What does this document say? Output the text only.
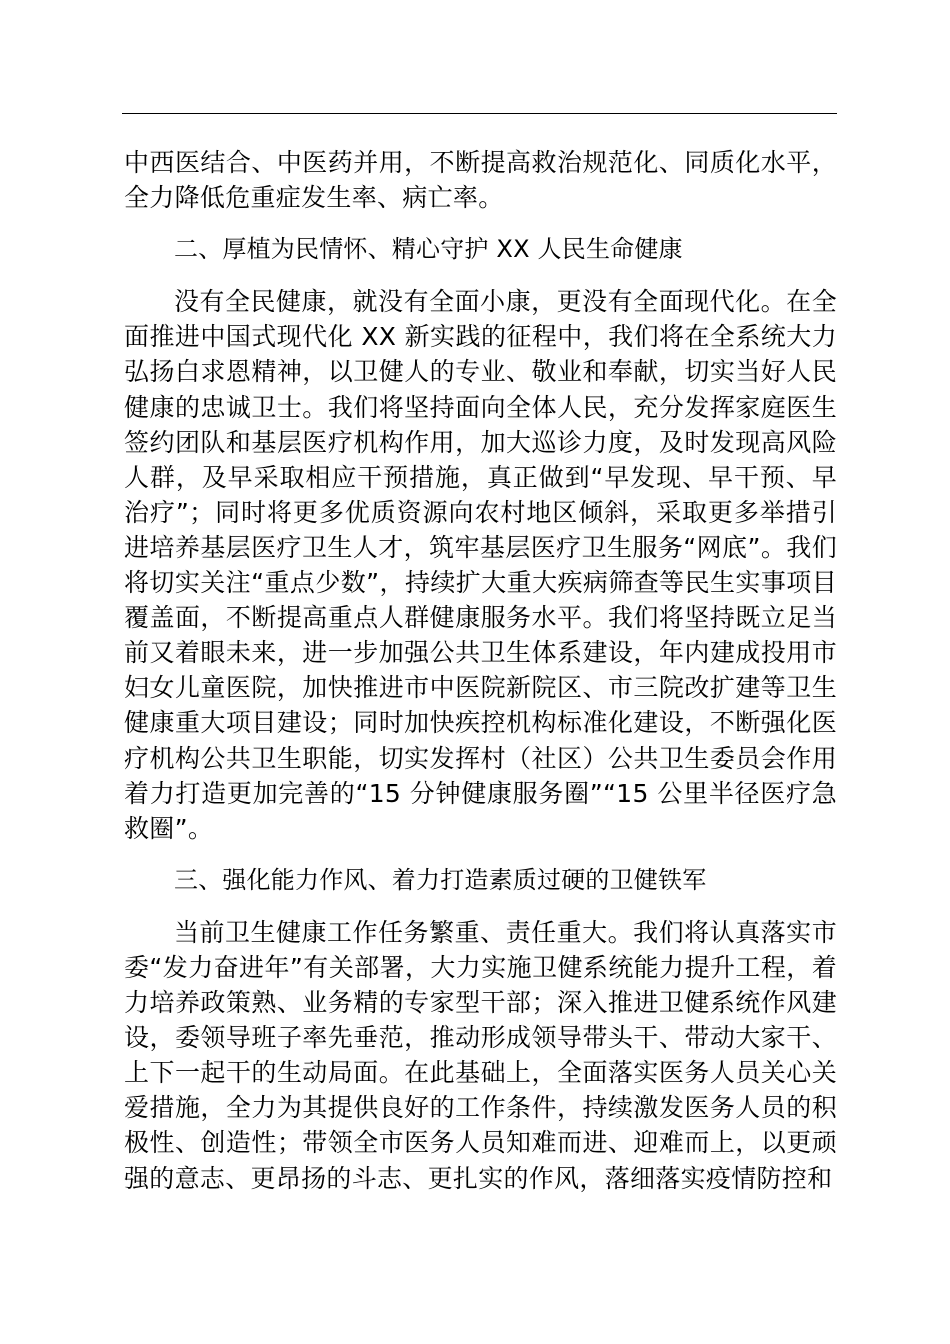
中西医结合、中医药并用，不断提高救治规范化、同质化水平，全力降低危重症发生率、病亡率。

二、厚植为民情怀、精心守护 XX 人民生命健康

没有全民健康，就没有全面小康，更没有全面现代化。在全面推进中国式现代化 XX 新实践的征程中，我们将在全系统大力弘扬白求恩精神，以卫健人的专业、敬业和奉献，切实当好人民健康的忠诚卫士。我们将坚持面向全体人民，充分发挥家庭医生签约团队和基层医疗机构作用，加大巡诊力度，及时发现高风险人群，及早采取相应干预措施，真正做到“早发现、早干预、早治疗”；同时将更多优质资源向农村地区倾斜，采取更多举措引进培养基层医疗卫生人才，筑牢基层医疗卫生服务“网底”。我们将切实关注“重点少数”，持续扩大重大疾病筛查等民生实事项目覆盖面，不断提高重点人群健康服务水平。我们将坚持既立足当前又着眼未来，进一步加强公共卫生体系建设，年内建成投用市妇女儿童医院，加快推进市中医院新院区、市三院改扩建等卫生健康重大项目建设；同时加快疾控机构标准化建设，不断强化医疗机构公共卫生职能，切实发挥村（社区）公共卫生委员会作用着力打造更加完善的“15 分钟健康服务圈”“15 公里半径医疗急救圈”。

三、强化能力作风、着力打造素质过硬的卫健铁军

当前卫生健康工作任务繁重、责任重大。我们将认真落实市委“发力奋进年”有关部署，大力实施卫健系统能力提升工程，着力培养政策熟、业务精的专家型干部；深入推进卫健系统作风建设，委领导班子率先垂范，推动形成领导带头干、带动大家干、上下一起干的生动局面。在此基础上，全面落实医务人员关心关爱措施，全力为其提供良好的工作条件，持续激发医务人员的积极性、创造性；带领全市医务人员知难而进、迎难而上，以更顽强的意志、更昂扬的斗志、更扎实的作风，落细落实疫情防控和
